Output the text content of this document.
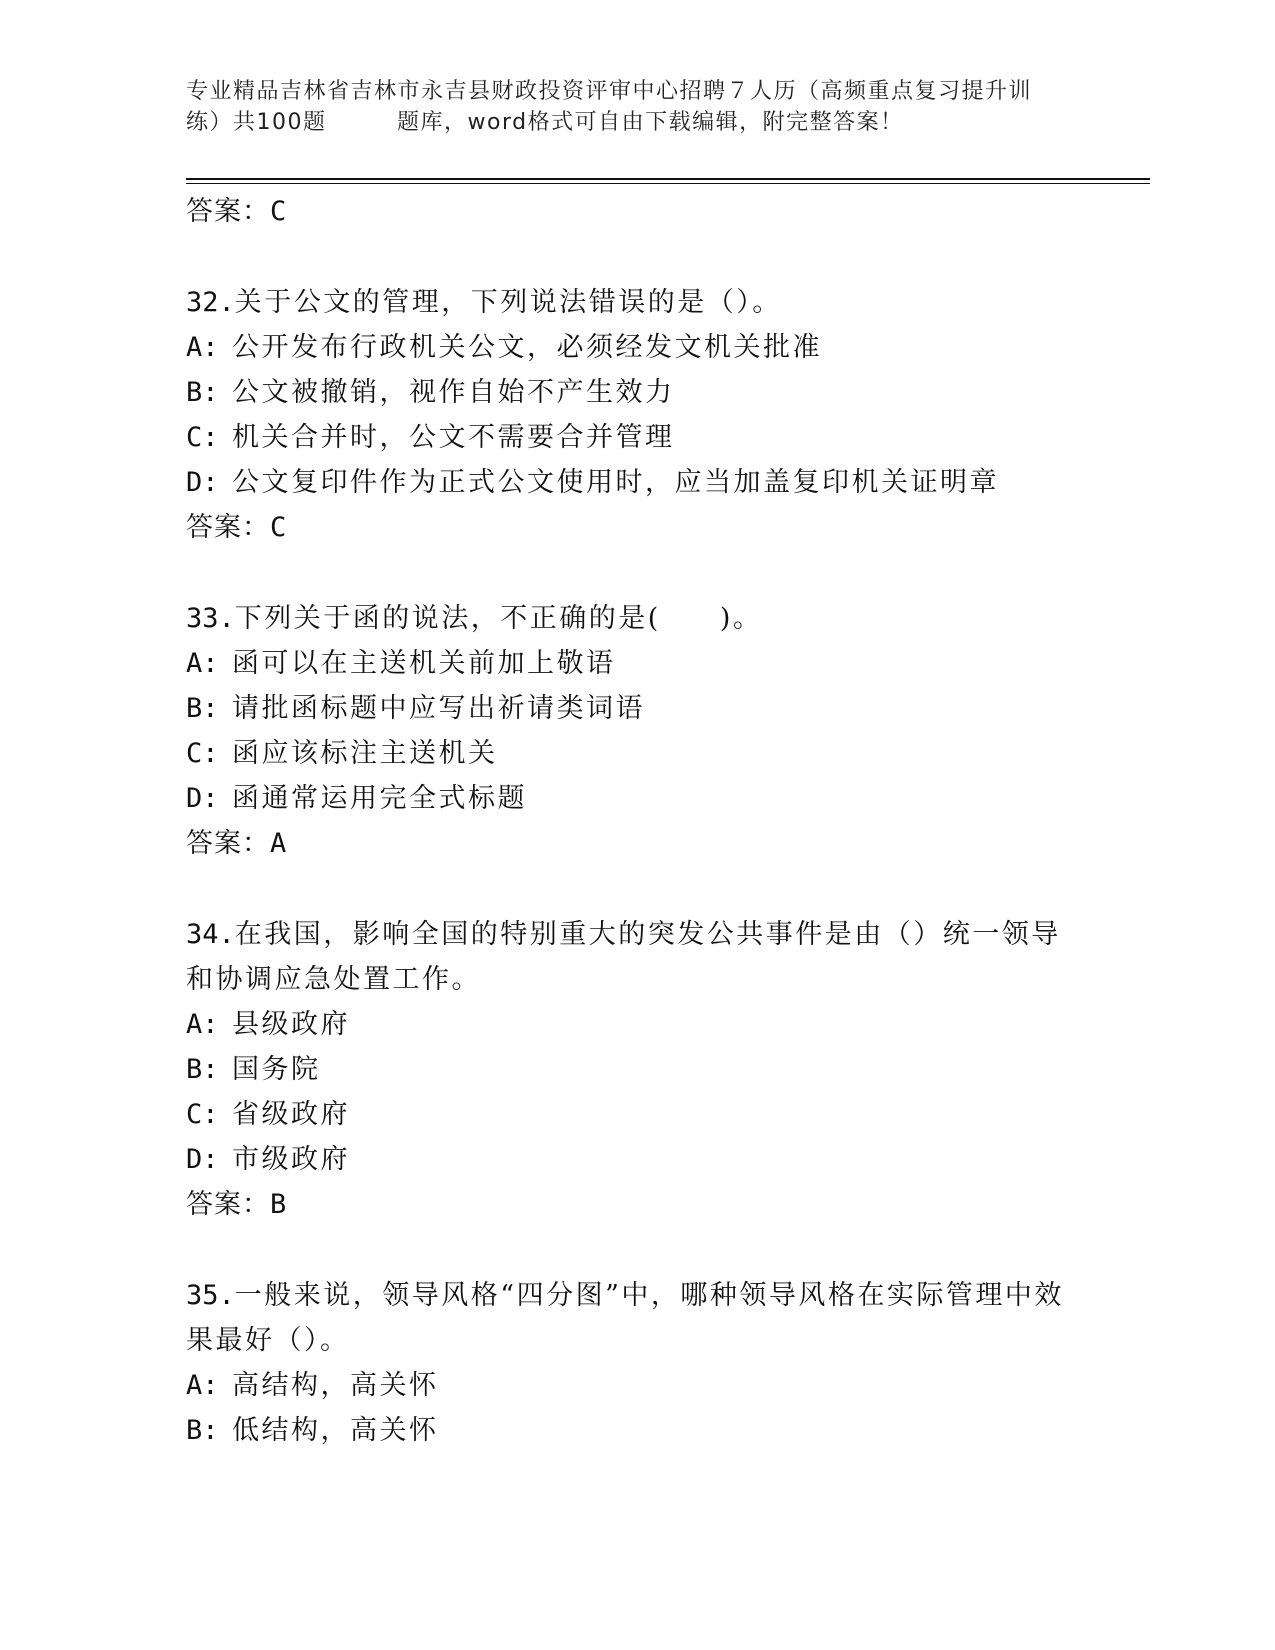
专业精品吉林省吉林市永吉县财政投资评审中心招聘７人历（高频重点复习提升训
练）共100题　　　题库，word格式可自由下载编辑，附完整答案！
答案：C
32.关于公文的管理，下列说法错误的是（）。
A: 公开发布行政机关公文，必须经发文机关批准
B: 公文被撤销，视作自始不产生效力
C: 机关合并时，公文不需要合并管理
D: 公文复印件作为正式公文使用时，应当加盖复印机关证明章
答案：C
33.下列关于函的说法，不正确的是(　　)。
A: 函可以在主送机关前加上敬语
B: 请批函标题中应写出祈请类词语
C: 函应该标注主送机关
D: 函通常运用完全式标题
答案：A
34.在我国，影响全国的特别重大的突发公共事件是由（）统一领导和协调应急处置工作。
A: 县级政府
B: 国务院
C: 省级政府
D: 市级政府
答案：B
35.一般来说，领导风格“四分图”中，哪种领导风格在实际管理中效果最好（）。
A: 高结构，高关怀
B: 低结构，高关怀
